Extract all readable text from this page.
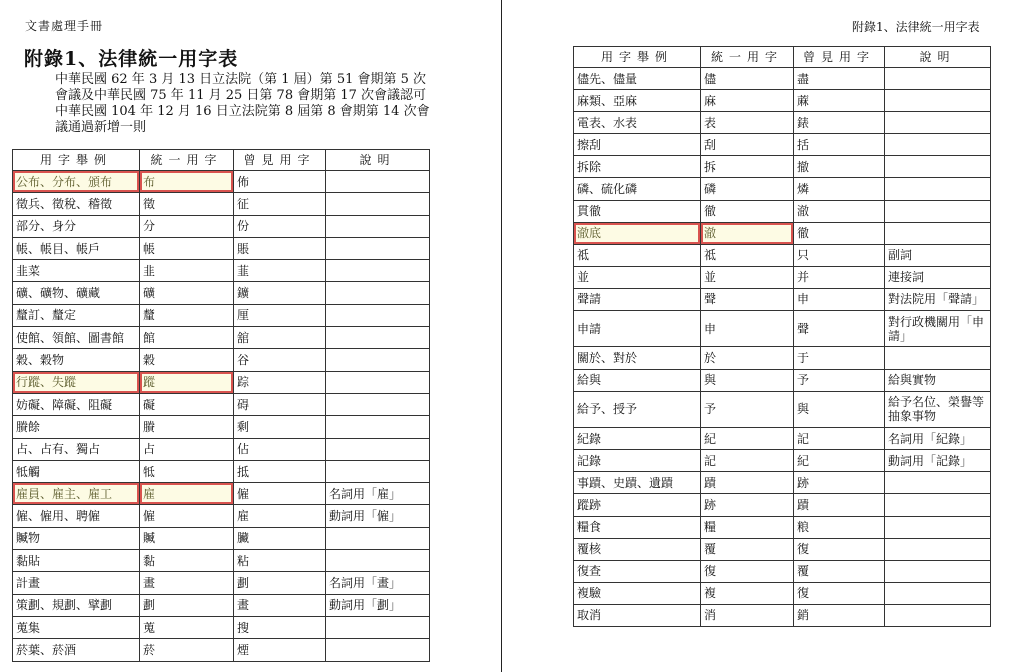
文書處理手冊
附錄1、法律統一用字表
中華民國 62 年 3 月 13 日立法院（第 1 屆）第 51 會期第 5 次
會議及中華民國 75 年 11 月 25 日第 78 會期第 17 次會議認可
中華民國 104 年 12 月 16 日立法院第 8 屆第 8 會期第 14 次會
議通過新增一則
附錄1、法律統一用字表
用字舉例	統一用字	曾見用字	說明
公布、分布、頒布	布	佈	
徵兵、徵稅、稽徵	徵	征	
部分、身分	分	份	
帳、帳目、帳戶	帳	賬	
韭菜	韭	韮	
礦、礦物、礦藏	礦	鑛	
釐訂、釐定	釐	厘	
使館、領館、圖書館	館	舘	
穀、穀物	穀	谷	
行蹤、失蹤	蹤	踪	
妨礙、障礙、阻礙	礙	碍	
賸餘	賸	剩	
占、占有、獨占	占	佔	
牴觸	牴	抵	
雇員、雇主、雇工	雇	僱	名詞用「雇」
僱、僱用、聘僱	僱	雇	動詞用「僱」
贓物	贓	臟	
黏貼	黏	粘	
計畫	畫	劃	名詞用「畫」
策劃、規劃、擘劃	劃	畫	動詞用「劃」
蒐集	蒐	搜	
菸葉、菸酒	菸	煙	
用字舉例	統一用字	曾見用字	說明
儘先、儘量	儘	盡	
麻類、亞麻	麻	蔴	
電表、水表	表	錶	
擦刮	刮	括	
拆除	拆	撤	
磷、硫化磷	磷	燐	
貫徹	徹	澈	
澈底	澈	徹	
祗	祗	只	副詞
並	並	并	連接詞
聲請	聲	申	對法院用「聲請」
申請	申	聲	對行政機關用「申請」
關於、對於	於	于	
給與	與	予	給與實物
給予、授予	予	與	給予名位、榮譽等抽象事物
紀錄	紀	記	名詞用「紀錄」
記錄	記	紀	動詞用「記錄」
事蹟、史蹟、遺蹟	蹟	跡	
蹤跡	跡	蹟	
糧食	糧	粮	
覆核	覆	復	
復查	復	覆	
複驗	複	復	
取消	消	銷	
